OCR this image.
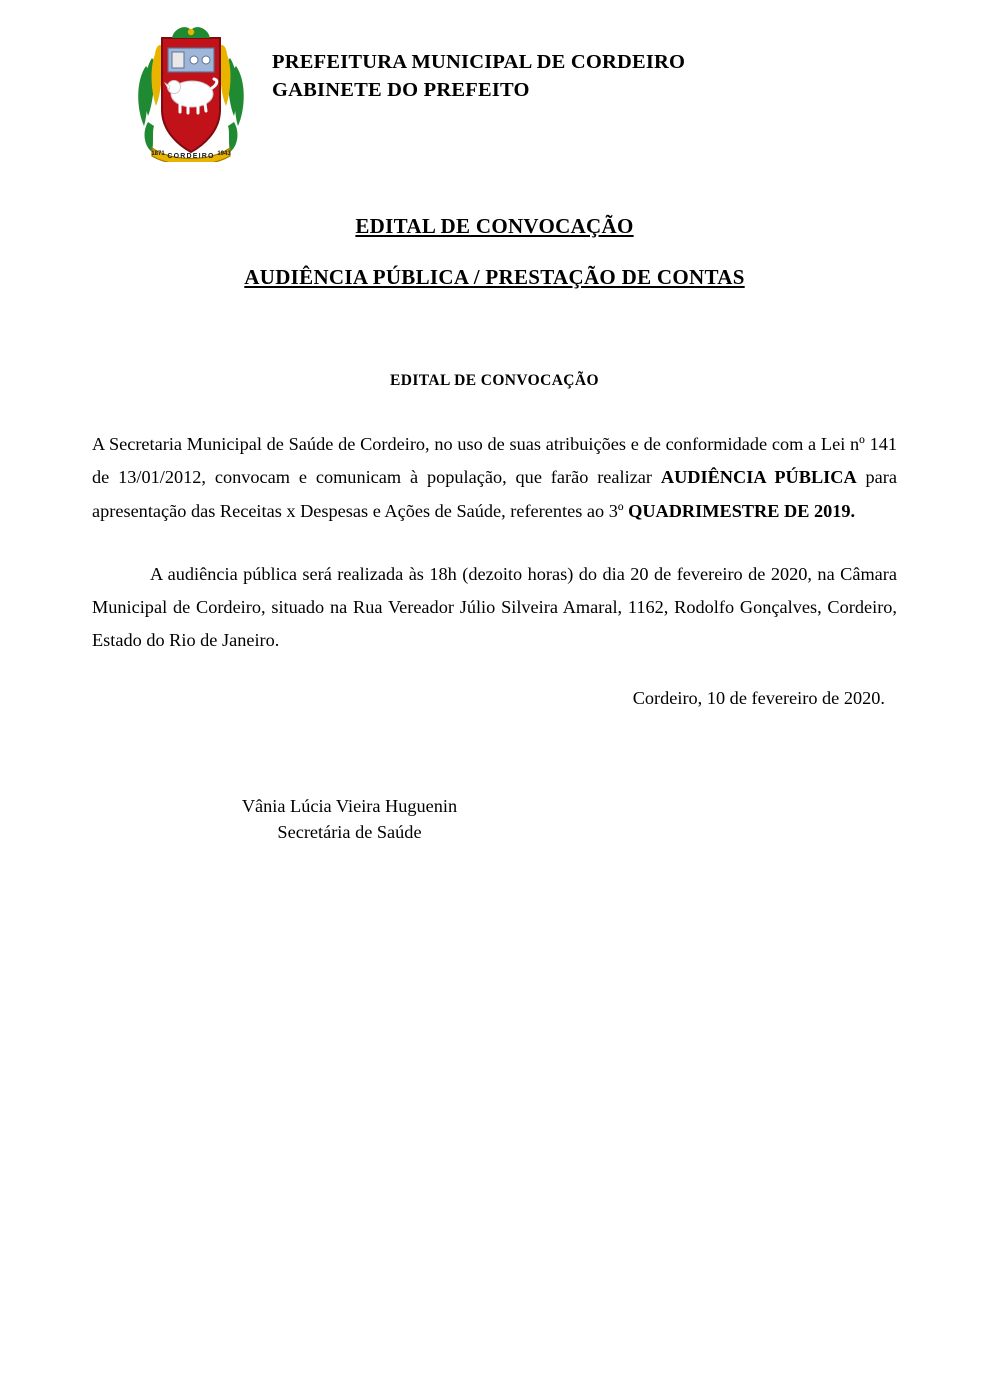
CORDEIRO
1871	1943
PREFEITURA MUNICIPAL DE CORDEIRO
GABINETE DO PREFEITO
EDITAL DE CONVOCAÇÃO
AUDIÊNCIA PÚBLICA / PRESTAÇÃO DE CONTAS
EDITAL DE CONVOCAÇÃO

A Secretaria Municipal de Saúde de Cordeiro, no uso de suas atribuições e de conformidade com a Lei nº 141 de 13/01/2012, convocam e comunicam à população, que farão realizar AUDIÊNCIA PÚBLICA para apresentação das Receitas x Despesas e Ações de Saúde, referentes ao 3º QUADRIMESTRE DE 2019.

A audiência pública será realizada às 18h (dezoito horas) do dia 20 de fevereiro de 2020, na Câmara Municipal de Cordeiro, situado na Rua Vereador Júlio Silveira Amaral, 1162, Rodolfo Gonçalves, Cordeiro, Estado do Rio de Janeiro.

Cordeiro, 10 de fevereiro de 2020.
Vânia Lúcia Vieira Huguenin
Secretária de Saúde
